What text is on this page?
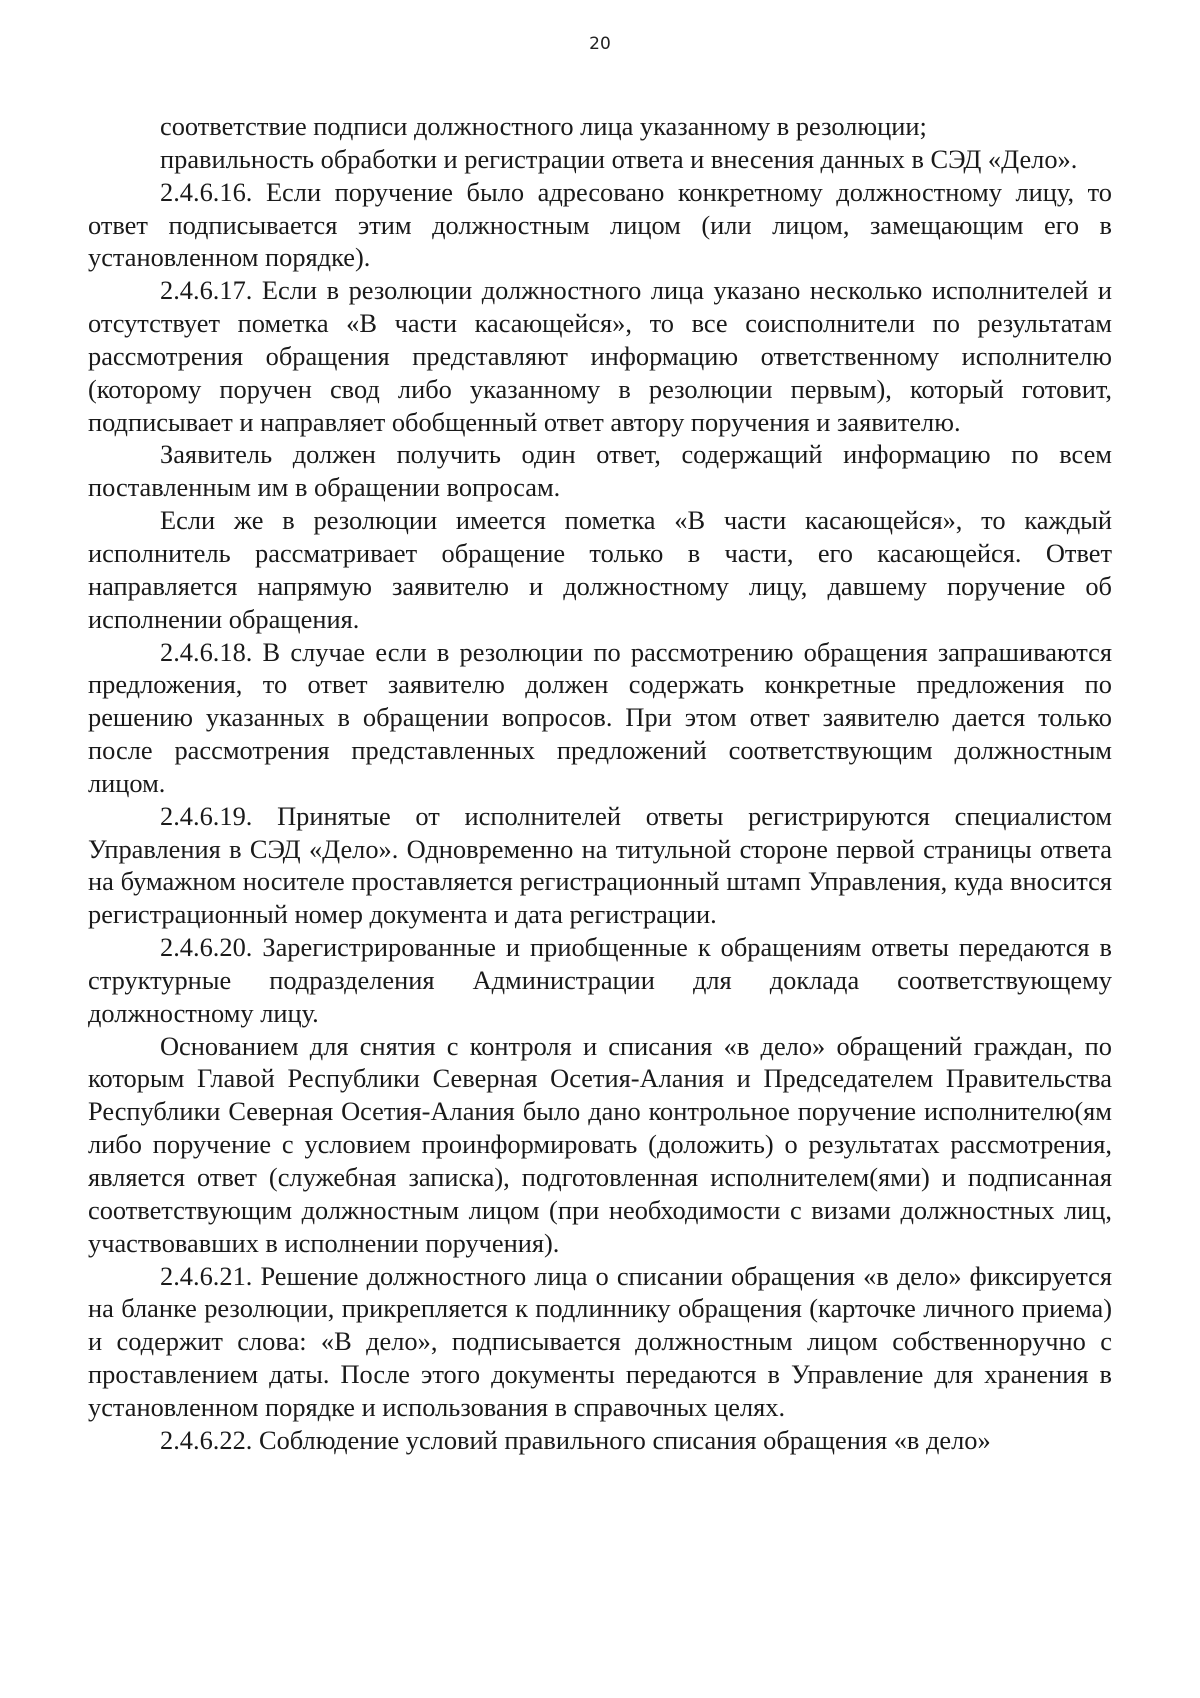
20

соответствие подписи должностного лица указанному в резолюции;

правильность обработки и регистрации ответа и внесения данных в СЭД «Дело».

2.4.6.16. Если поручение было адресовано конкретному должностному лицу, то ответ подписывается этим должностным лицом (или лицом, замещающим его в установленном порядке).

2.4.6.17. Если в резолюции должностного лица указано несколько исполнителей и отсутствует пометка «В части касающейся», то все соисполнители по результатам рассмотрения обращения представляют информацию ответственному исполнителю (которому поручен свод либо указанному в резолюции первым), который готовит, подписывает и направляет обобщенный ответ автору поручения и заявителю.

Заявитель должен получить один ответ, содержащий информацию по всем поставленным им в обращении вопросам.

Если же в резолюции имеется пометка «В части касающейся», то каждый исполнитель рассматривает обращение только в части, его касающейся. Ответ направляется напрямую заявителю и должностному лицу, давшему поручение об исполнении обращения.

2.4.6.18. В случае если в резолюции по рассмотрению обращения запрашиваются предложения, то ответ заявителю должен содержать конкретные предложения по решению указанных в обращении вопросов. При этом ответ заявителю дается только после рассмотрения представленных предложений соответствующим должностным лицом.

2.4.6.19. Принятые от исполнителей ответы регистрируются специалистом Управления в СЭД «Дело». Одновременно на титульной стороне первой страницы ответа на бумажном носителе проставляется регистрационный штамп Управления, куда вносится регистрационный номер документа и дата регистрации.

2.4.6.20. Зарегистрированные и приобщенные к обращениям ответы передаются в структурные подразделения Администрации для доклада соответствующему должностному лицу.

Основанием для снятия с контроля и списания «в дело» обращений граждан, по которым Главой Республики Северная Осетия-Алания и Председателем Правительства Республики Северная Осетия-Алания было дано контрольное поручение исполнителю(ям либо поручение с условием проинформировать (доложить) о результатах рассмотрения, является ответ (служебная записка), подготовленная исполнителем(ями) и подписанная соответствующим должностным лицом (при необходимости с визами должностных лиц, участвовавших в исполнении поручения).

2.4.6.21. Решение должностного лица о списании обращения «в дело» фиксируется на бланке резолюции, прикрепляется к подлиннику обращения (карточке личного приема) и содержит слова: «В дело», подписывается должностным лицом собственноручно с проставлением даты. После этого документы передаются в Управление для хранения в установленном порядке и использования в справочных целях.

2.4.6.22. Соблюдение условий правильного списания обращения «в дело»
